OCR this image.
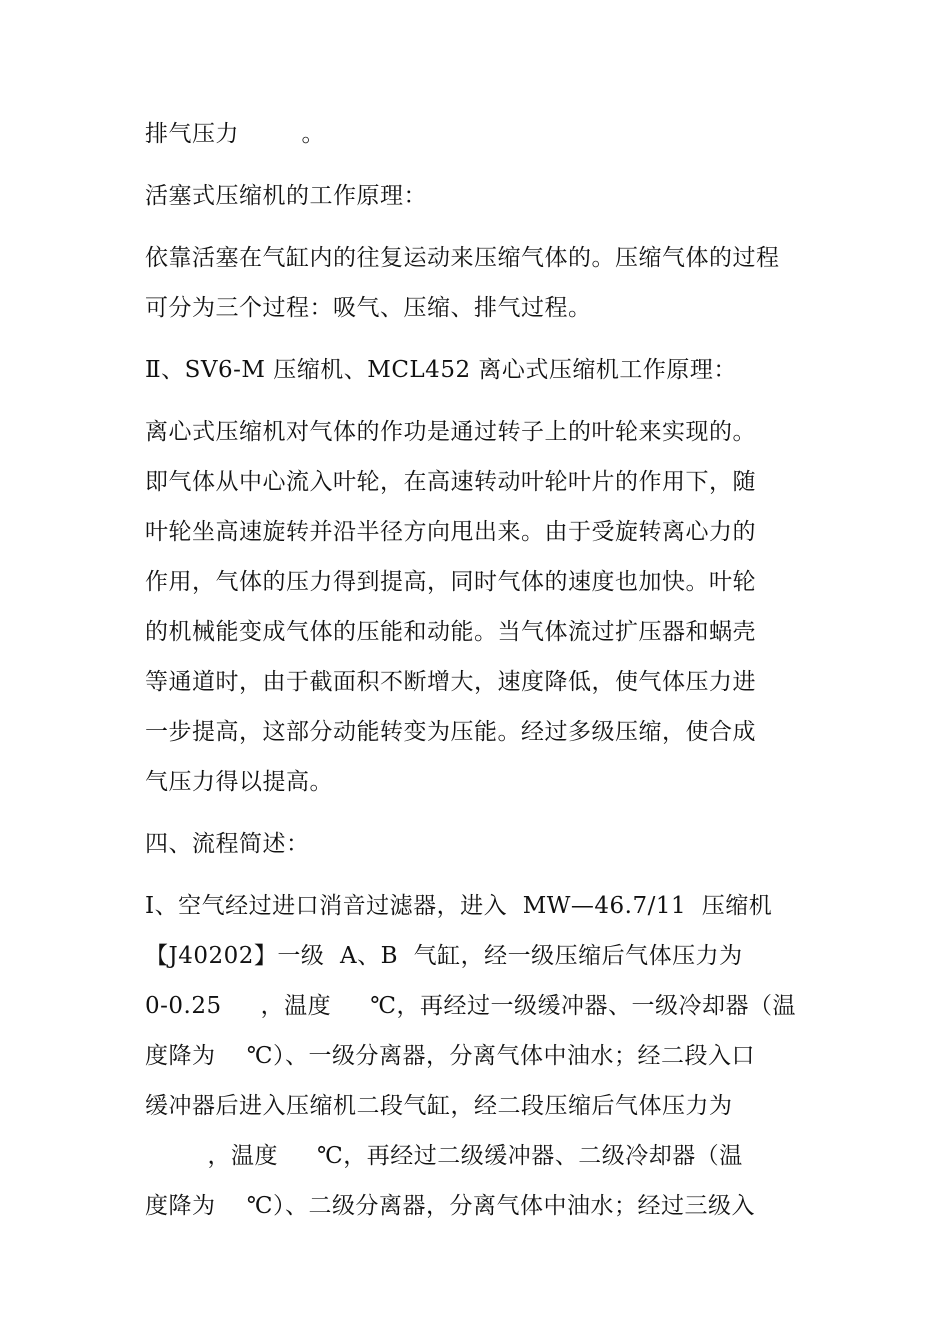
排气压力        。
活塞式压缩机的工作原理：
依靠活塞在气缸内的往复运动来压缩气体的。压缩气体的过程
可分为三个过程：吸气、压缩、排气过程。
Ⅱ、SV6-M 压缩机、MCL452 离心式压缩机工作原理：
离心式压缩机对气体的作功是通过转子上的叶轮来实现的。
即气体从中心流入叶轮，在高速转动叶轮叶片的作用下，随
叶轮坐高速旋转并沿半径方向甩出来。由于受旋转离心力的
作用，气体的压力得到提高，同时气体的速度也加快。叶轮
的机械能变成气体的压能和动能。当气体流过扩压器和蜗壳
等通道时，由于截面积不断增大，速度降低，使气体压力进
一步提高，这部分动能转变为压能。经过多级压缩，使合成
气压力得以提高。
四、流程简述：
Ⅰ、空气经过进口消音过滤器，进入  MW—46.7/11  压缩机
【J40202】一级  A、B  气缸，经一级压缩后气体压力为
0-0.25     ，温度     ℃，再经过一级缓冲器、一级冷却器（温
度降为    ℃）、一级分离器，分离气体中油水；经二段入口
缓冲器后进入压缩机二段气缸，经二段压缩后气体压力为
，温度     ℃，再经过二级缓冲器、二级冷却器（温
度降为    ℃）、二级分离器，分离气体中油水；经过三级入
